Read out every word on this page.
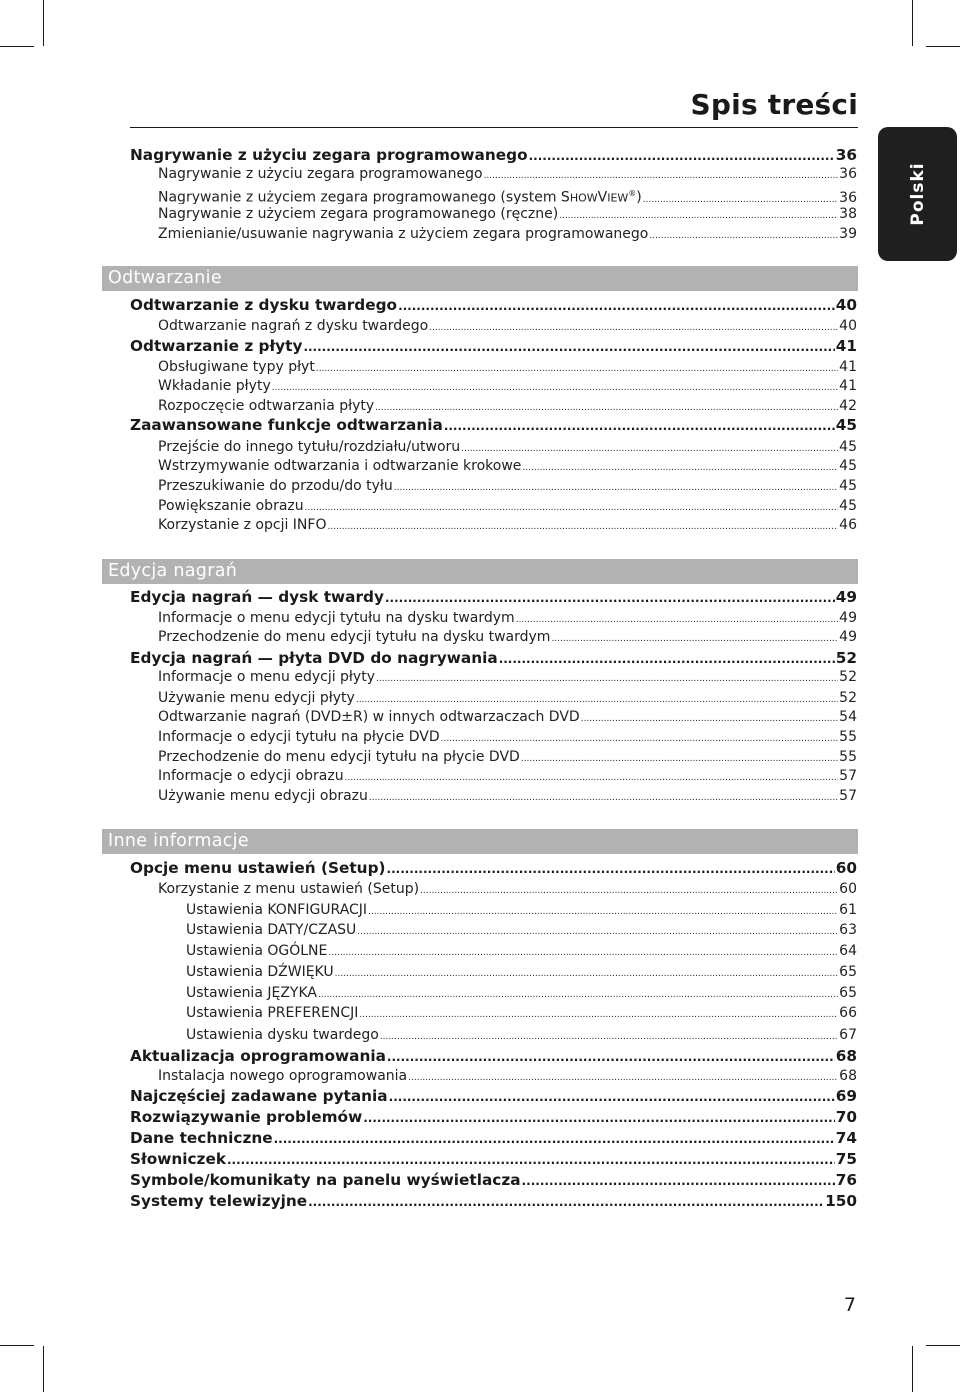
Spis treści
Polski
Nagrywanie z użyciu zegara programowanego .....	36
Nagrywanie z użyciu zegara programowanego .....	36
Nagrywanie z użyciem zegara programowanego (system SHOWVIEW®) .....	36
Nagrywanie z użyciem zegara programowanego (ręczne) .....	38
Zmienianie/usuwanie nagrywania z użyciem zegara programowanego .....	39
Odtwarzanie
Odtwarzanie z dysku twardego .....	40
Odtwarzanie nagrań z dysku twardego .....	40
Odtwarzanie z płyty .....	41
Obsługiwane typy płyt .....	41
Wkładanie płyty .....	41
Rozpoczęcie odtwarzania płyty .....	42
Zaawansowane funkcje odtwarzania .....	45
Przejście do innego tytułu/rozdziału/utworu .....	45
Wstrzymywanie odtwarzania i odtwarzanie krokowe .....	45
Przeszukiwanie do przodu/do tyłu .....	45
Powiększanie obrazu .....	45
Korzystanie z opcji INFO .....	46
Edycja nagrań
Edycja nagrań — dysk twardy .....	49
Informacje o menu edycji tytułu na dysku twardym .....	49
Przechodzenie do menu edycji tytułu na dysku twardym .....	49
Edycja nagrań — płyta DVD do nagrywania .....	52
Informacje o menu edycji płyty .....	52
Używanie menu edycji płyty .....	52
Odtwarzanie nagrań (DVD±R) w innych odtwarzaczach DVD .....	54
Informacje o edycji tytułu na płycie DVD .....	55
Przechodzenie do menu edycji tytułu na płycie DVD .....	55
Informacje o edycji obrazu .....	57
Używanie menu edycji obrazu .....	57
Inne informacje
Opcje menu ustawień (Setup) .....	60
Korzystanie z menu ustawień (Setup) .....	60
Ustawienia KONFIGURACJI .....	61
Ustawienia DATY/CZASU .....	63
Ustawienia OGÓLNE .....	64
Ustawienia DŹWIĘKU .....	65
Ustawienia JĘZYKA .....	65
Ustawienia PREFERENCJI .....	66
Ustawienia dysku twardego .....	67
Aktualizacja oprogramowania .....	68
Instalacja nowego oprogramowania .....	68
Najczęściej zadawane pytania .....	69
Rozwiązywanie problemów .....	70
Dane techniczne .....	74
Słowniczek .....	75
Symbole/komunikaty na panelu wyświetlacza .....	76
Systemy telewizyjne .....	150
7
